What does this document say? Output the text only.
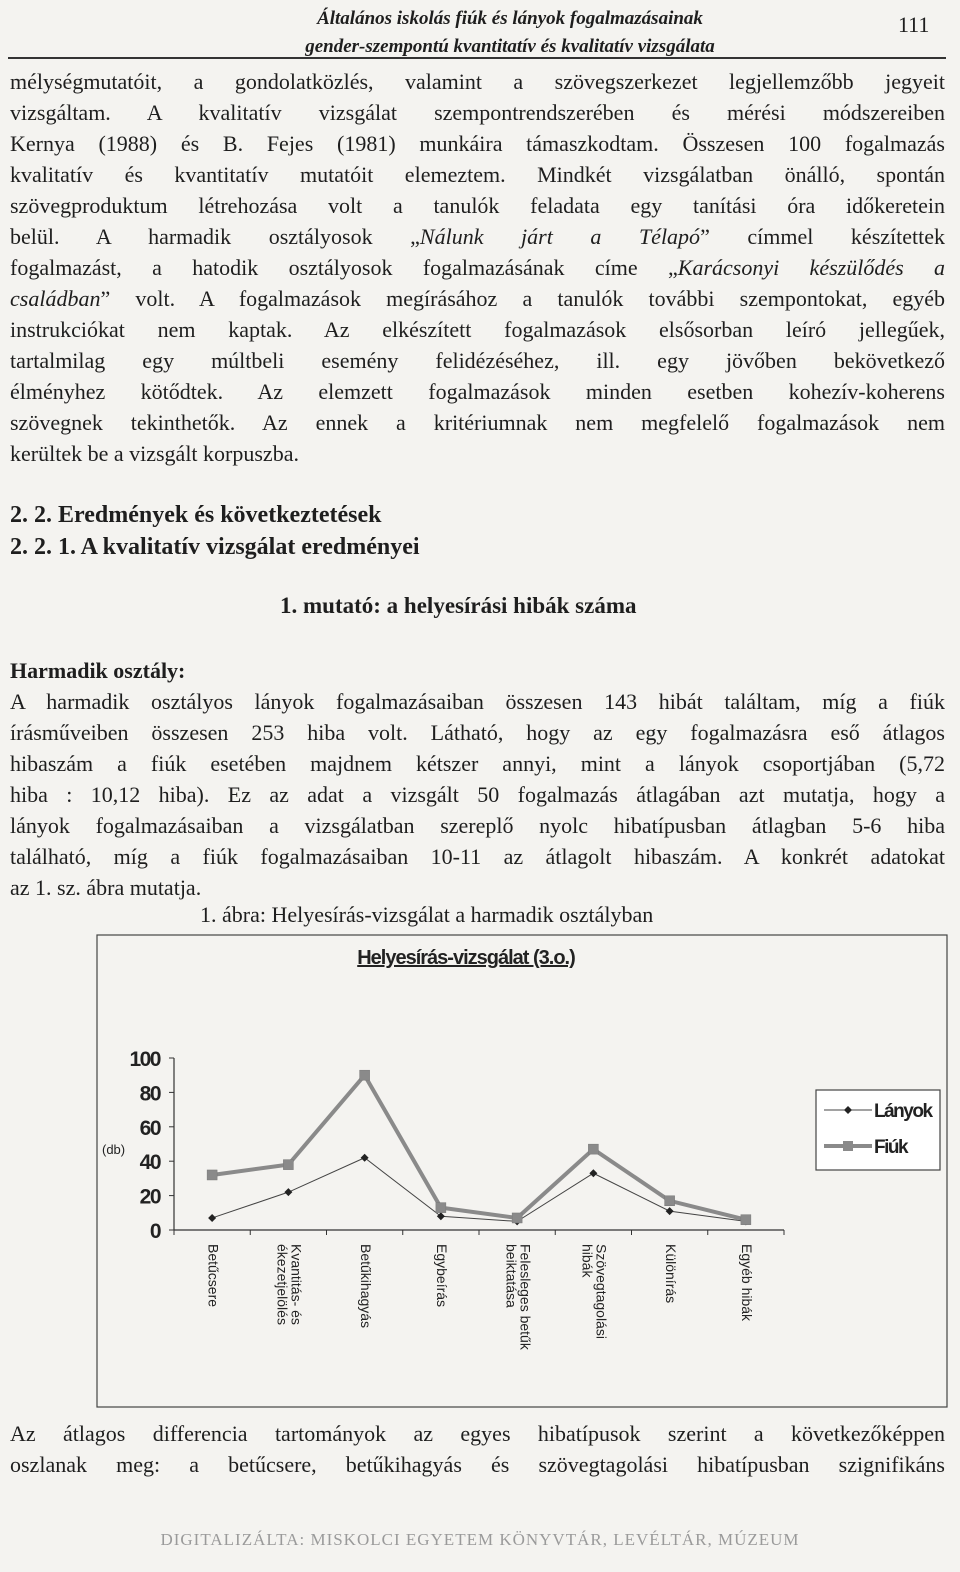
Általános iskolás fiúk és lányok fogalmazásainak
gender-szempontú kvantitatív és kvalitatív vizsgálata
111

mélységmutatóit, a gondolatközlés, valamint a szövegszerkezet legjellemzőbb jegyeit

vizsgáltam. A kvalitatív vizsgálat szempontrendszerében és mérési módszereiben

Kernya (1988) és B. Fejes (1981) munkáira támaszkodtam. Összesen 100 fogalmazás

kvalitatív és kvantitatív mutatóit elemeztem. Mindkét vizsgálatban önálló, spontán

szövegproduktum létrehozása volt a tanulók feladata egy tanítási óra időkeretein

belül. A harmadik osztályosok „Nálunk járt a Télapó” címmel készítettek

fogalmazást, a hatodik osztályosok fogalmazásának címe „Karácsonyi készülődés a

családban” volt. A fogalmazások megírásához a tanulók további szempontokat, egyéb

instrukciókat nem kaptak. Az elkészített fogalmazások elsősorban leíró jellegűek,

tartalmilag egy múltbeli esemény felidézéséhez, ill. egy jövőben bekövetkező

élményhez kötődtek. Az elemzett fogalmazások minden esetben kohezív-koherens

szövegnek tekinthetők. Az ennek a kritériumnak nem megfelelő fogalmazások nem

kerültek be a vizsgált korpuszba.

2. 2. Eredmények és következtetések
2. 2. 1. A kvalitatív vizsgálat eredményei
1. mutató: a helyesírási hibák száma

Harmadik osztály:

A harmadik osztályos lányok fogalmazásaiban összesen 143 hibát találtam, míg a fiúk

írásműveiben összesen 253 hiba volt. Látható, hogy az egy fogalmazásra eső átlagos

hibaszám a fiúk esetében majdnem kétszer annyi, mint a lányok csoportjában (5,72

hiba : 10,12 hiba). Ez az adat a vizsgált 50 fogalmazás átlagában azt mutatja, hogy a

lányok fogalmazásaiban a vizsgálatban szereplő nyolc hibatípusban átlagban 5-6 hiba

található, míg a fiúk fogalmazásaiban 10-11 az átlagolt hibaszám. A konkrét adatokat

az 1. sz. ábra mutatja.

1. ábra: Helyesírás-vizsgálat a harmadik osztályban
Helyesírás-vizsgálat (3.o.)
(db)
0
20
40
60
80
100
Betűcsere	Kvantitás- és
ékezetjelölés	Betűkihagyás	Egybeírás	Felesleges betűk
beiktatása	Szövegtagolási
hibák	Különírás	Egyéb hibák
Lányok
Fiúk

Az átlagos differencia tartományok az egyes hibatípusok szerint a következőképpen

oszlanak meg: a betűcsere, betűkihagyás és szövegtagolási hibatípusban szignifikáns

DIGITALIZÁLTA: MISKOLCI EGYETEM KÖNYVTÁR, LEVÉLTÁR, MÚZEUM
